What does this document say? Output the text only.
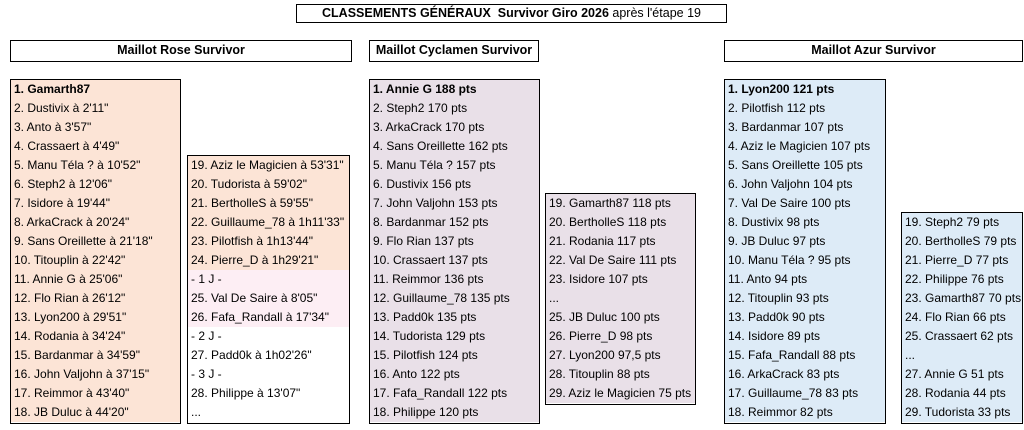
CLASSEMENTS GÉNÉRAUX Survivor Giro 2026 après l'étape 19
Maillot Rose Survivor	Maillot Cyclamen Survivor	Maillot Azur Survivor
1. Gamarth87
2. Dustivix à 2'11"
3. Anto à 3'57"
4. Crassaert à 4'49"
5. Manu Téla ? à 10'52"
6. Steph2 à 12'06"
7. Isidore à 19'44"
8. ArkaCrack à 20'24"
9. Sans Oreillette à 21'18"
10. Titouplin à 22'42"
11. Annie G à 25'06"
12. Flo Rian à 26'12"
13. Lyon200 à 29'51"
14. Rodania à 34'24"
15. Bardanmar à 34'59"
16. John Valjohn à 37'15"
17. Reimmor à 43'40"
18. JB Duluc à 44'20"
19. Aziz le Magicien à 53'31"
20. Tudorista à 59'02"
21. BertholleS à 59'55"
22. Guillaume_78 à 1h11'33"
23. Pilotfish à 1h13'44"
24. Pierre_D à 1h29'21"
- 1 J -
25. Val De Saire à 8'05"
26. Fafa_Randall à 17'34"
- 2 J -
27. Padd0k à 1h02'26"
- 3 J -
28. Philippe à 13'07"
...
1. Annie G 188 pts
2. Steph2 170 pts
3. ArkaCrack 170 pts
4. Sans Oreillette 162 pts
5. Manu Téla ? 157 pts
6. Dustivix 156 pts
7. John Valjohn 153 pts
8. Bardanmar 152 pts
9. Flo Rian 137 pts
10. Crassaert 137 pts
11. Reimmor 136 pts
12. Guillaume_78 135 pts
13. Padd0k 135 pts
14. Tudorista 129 pts
15. Pilotfish 124 pts
16. Anto 122 pts
17. Fafa_Randall 122 pts
18. Philippe 120 pts
19. Gamarth87 118 pts
20. BertholleS 118 pts
21. Rodania 117 pts
22. Val De Saire 111 pts
23. Isidore 107 pts
...
25. JB Duluc 100 pts
26. Pierre_D 98 pts
27. Lyon200 97,5 pts
28. Titouplin 88 pts
29. Aziz le Magicien 75 pts
1. Lyon200 121 pts
2. Pilotfish 112 pts
3. Bardanmar 107 pts
4. Aziz le Magicien 107 pts
5. Sans Oreillette 105 pts
6. John Valjohn 104 pts
7. Val De Saire 100 pts
8. Dustivix 98 pts
9. JB Duluc 97 pts
10. Manu Téla ? 95 pts
11. Anto 94 pts
12. Titouplin 93 pts
13. Padd0k 90 pts
14. Isidore 89 pts
15. Fafa_Randall 88 pts
16. ArkaCrack 83 pts
17. Guillaume_78 83 pts
18. Reimmor 82 pts
19. Steph2 79 pts
20. BertholleS 79 pts
21. Pierre_D 77 pts
22. Philippe 76 pts
23. Gamarth87 70 pts
24. Flo Rian 66 pts
25. Crassaert 62 pts
...
27. Annie G 51 pts
28. Rodania 44 pts
29. Tudorista 33 pts
